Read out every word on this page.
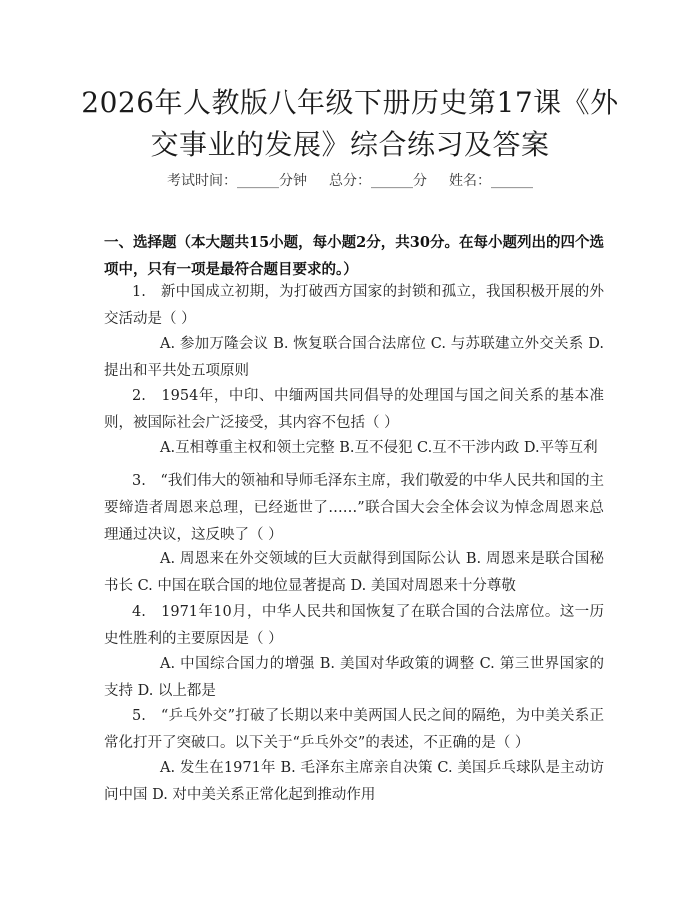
2026年人教版八年级下册历史第17课《外交事业的发展》综合练习及答案
考试时间：______分钟 总分：______分 姓名：______
一、选择题（本大题共15小题，每小题2分，共30分。在每小题列出的四个选项中，只有一项是最符合题目要求的。）
1.　新中国成立初期，为打破西方国家的封锁和孤立，我国积极开展的外交活动是（ ）
A. 参加万隆会议 B. 恢复联合国合法席位 C. 与苏联建立外交关系 D. 提出和平共处五项原则
2.　1954年，中印、中缅两国共同倡导的处理国与国之间关系的基本准则，被国际社会广泛接受，其内容不包括（ ）
A.互相尊重主权和领土完整 B.互不侵犯 C.互不干涉内政 D.平等互利
3.　“我们伟大的领袖和导师毛泽东主席，我们敬爱的中华人民共和国的主要缔造者周恩来总理，已经逝世了……”联合国大会全体会议为悼念周恩来总理通过决议，这反映了（ ）
A. 周恩来在外交领域的巨大贡献得到国际公认 B. 周恩来是联合国秘书长 C. 中国在联合国的地位显著提高 D. 美国对周恩来十分尊敬
4.　1971年10月，中华人民共和国恢复了在联合国的合法席位。这一历史性胜利的主要原因是（ ）
A. 中国综合国力的增强 B. 美国对华政策的调整 C. 第三世界国家的支持 D. 以上都是
5.　“乒乓外交”打破了长期以来中美两国人民之间的隔绝，为中美关系正常化打开了突破口。以下关于“乒乓外交”的表述，不正确的是（ ）
A. 发生在1971年 B. 毛泽东主席亲自决策 C. 美国乒乓球队是主动访问中国 D. 对中美关系正常化起到推动作用
